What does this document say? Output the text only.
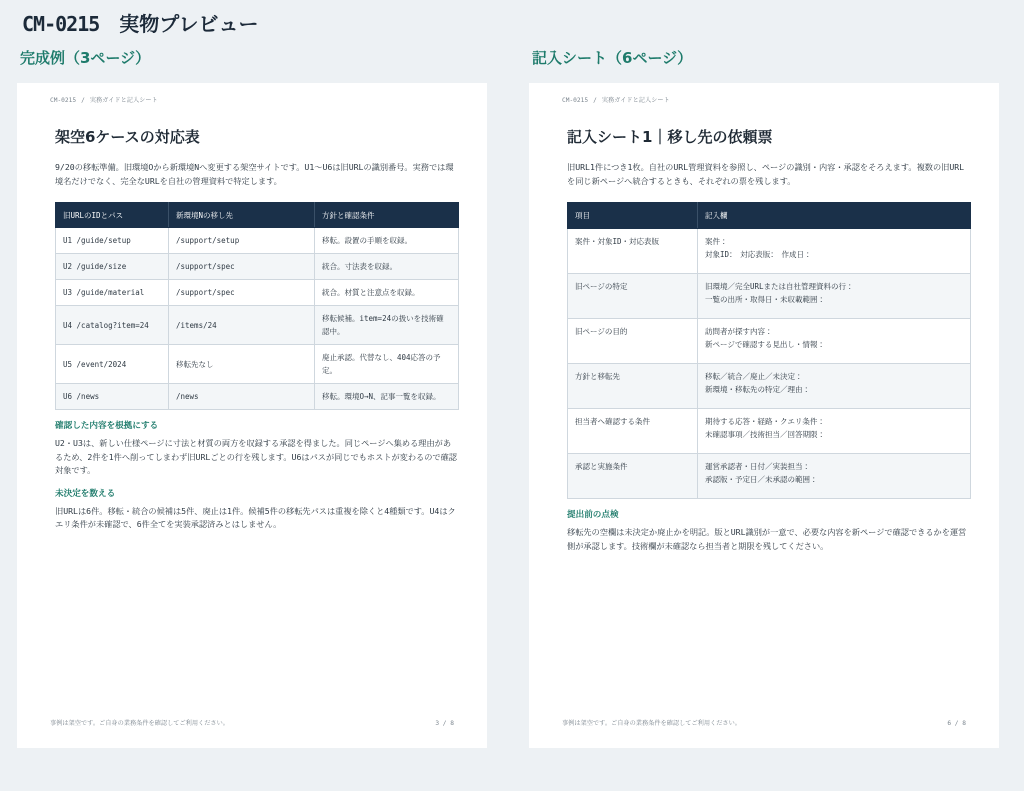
CM-0215 実物プレビュー
完成例（3ページ）	記入シート（6ページ）
CM-0215 / 実務ガイドと記入シート
架空6ケースの対応表

9/20の移転準備。旧環境Oから新環境Nへ変更する架空サイトです。U1～U6は旧URLの識別番号。実務では環境名だけでなく、完全なURLを自社の管理資料で特定します。

旧URLのIDとパス	新環境Nの移し先	方針と確認条件
U1 /guide/setup	/support/setup	移転。設置の手順を収録。
U2 /guide/size	/support/spec	統合。寸法表を収録。
U3 /guide/material	/support/spec	統合。材質と注意点を収録。
U4 /catalog?item=24	/items/24	移転候補。item=24の扱いを技術確認中。
U5 /event/2024	移転先なし	廃止承認。代替なし、404応答の予定。
U6 /news	/news	移転。環境O→N、記事一覧を収録。
確認した内容を根拠にする

U2・U3は、新しい仕様ページに寸法と材質の両方を収録する承認を得ました。同じページへ集める理由があるため、2件を1件へ削ってしまわず旧URLごとの行を残します。U6はパスが同じでもホストが変わるので確認対象です。

未決定を数える

旧URLは6件。移転・統合の候補は5件、廃止は1件。候補5件の移転先パスは重複を除くと4種類です。U4はクエリ条件が未確認で、6件全てを実装承認済みとはしません。

事例は架空です。ご自身の業務条件を確認してご利用ください。	3 / 8
CM-0215 / 実務ガイドと記入シート
記入シート1｜移し先の依頼票

旧URL1件につき1枚。自社のURL管理資料を参照し、ページの識別・内容・承認をそろえます。複数の旧URLを同じ新ページへ統合するときも、それぞれの票を残します。

項目	記入欄
案件・対象ID・対応表版	案件：
対象ID：　対応表版：　作成日：

旧ページの特定	旧環境／完全URLまたは自社管理資料の行：
一覧の出所・取得日・未収載範囲：

旧ページの目的	訪問者が探す内容：
新ページで確認する見出し・情報：

方針と移転先	移転／統合／廃止／未決定：
新環境・移転先の特定／理由：

担当者へ確認する条件	期待する応答・経路・クエリ条件：
未確認事項／技術担当／回答期限：

承認と実施条件	運営承認者・日付／実装担当：
承認版・予定日／未承認の範囲：
提出前の点検

移転先の空欄は未決定か廃止かを明記。版とURL識別が一意で、必要な内容を新ページで確認できるかを運営側が承認します。技術欄が未確認なら担当者と期限を残してください。

事例は架空です。ご自身の業務条件を確認してご利用ください。	6 / 8
